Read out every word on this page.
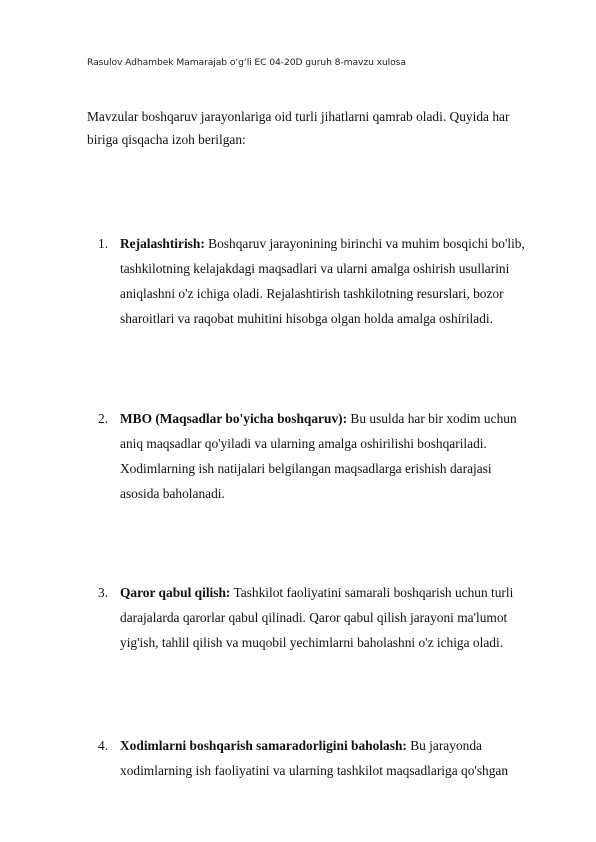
Rasulov Adhambek Mamarajab o‘g‘li EC 04-20D guruh 8-mavzu xulosa
Mavzular boshqaruv jarayonlariga oid turli jihatlarni qamrab oladi. Quyida har biriga qisqacha izoh berilgan:
1. Rejalashtirish: Boshqaruv jarayonining birinchi va muhim bosqichi bo'lib, tashkilotning kelajakdagi maqsadlari va ularni amalga oshirish usullarini aniqlashni o'z ichiga oladi. Rejalashtirish tashkilotning resurslari, bozor sharoitlari va raqobat muhitini hisobga olgan holda amalga oshiriladi.
2. MBO (Maqsadlar bo'yicha boshqaruv): Bu usulda har bir xodim uchun aniq maqsadlar qo'yiladi va ularning amalga oshirilishi boshqariladi. Xodimlarning ish natijalari belgilangan maqsadlarga erishish darajasi asosida baholanadi.
3. Qaror qabul qilish: Tashkilot faoliyatini samarali boshqarish uchun turli darajalarda qarorlar qabul qilinadi. Qaror qabul qilish jarayoni ma'lumot yig'ish, tahlil qilish va muqobil yechimlarni baholashni o'z ichiga oladi.
4. Xodimlarni boshqarish samaradorligini baholash: Bu jarayonda xodimlarning ish faoliyatini va ularning tashkilot maqsadlariga qo'shgan
